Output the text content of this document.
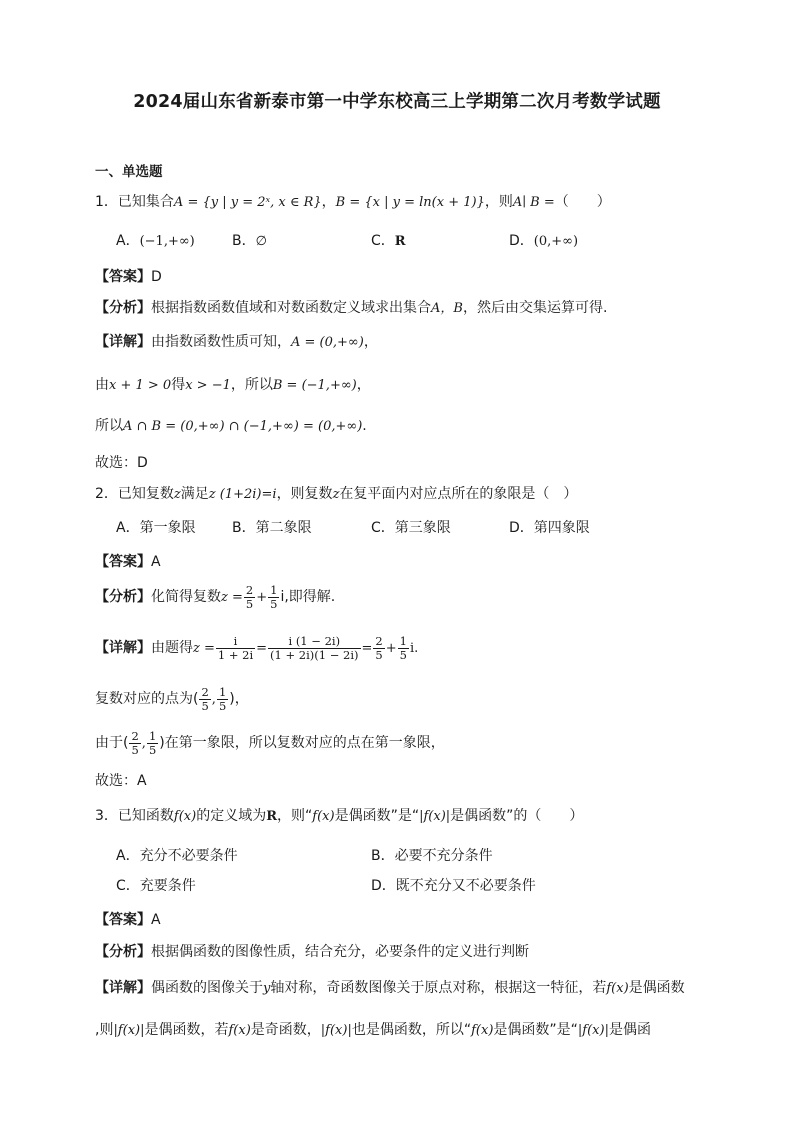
2024届山东省新泰市第一中学东校高三上学期第二次月考数学试题
一、单选题
1．已知集合A = {y | y = 2ˣ, x ∈ R}，B = {x | y = ln(x + 1)}，则A∣ B =（　　）
A．(−1,+∞)	B．∅	C．R	D．(0,+∞)
【答案】D
【分析】根据指数函数值域和对数函数定义域求出集合A，B，然后由交集运算可得.
【详解】由指数函数性质可知，A = (0,+∞)，
由x + 1 > 0得x > −1，所以B = (−1,+∞)，
所以A ∩ B = (0,+∞) ∩ (−1,+∞) = (0,+∞).
故选：D
2．已知复数z满足z (1+2i)=i，则复数z在复平面内对应点所在的象限是（　）
A．第一象限	B．第二象限	C．第三象限	D．第四象限
【答案】A
【分析】化简得复数$z = \frac{2}{5} + \frac{1}{5} i$,即得解.
【详解】由题得$z = \frac{i}{1 + 2i} = \frac{i (1 - 2i)}{(1 + 2i)(1 - 2i)} = \frac{2}{5} + \frac{1}{5} i$.
复数对应的点为( $\frac{2}{5}$ , $\frac{1}{5}$ )，
由于( $\frac{2}{5}$ , $\frac{1}{5}$ )在第一象限，所以复数对应的点在第一象限，
故选：A
3．已知函数f(x)的定义域为R，则“f(x)是偶函数”是“|f(x)|是偶函数”的（　　）
A．充分不必要条件	B．必要不充分条件
C．充要条件	D．既不充分又不必要条件
【答案】A
【分析】根据偶函数的图像性质，结合充分，必要条件的定义进行判断
【详解】偶函数的图像关于y轴对称，奇函数图像关于原点对称，根据这一特征，若f(x)是偶函数
,则|f(x)|是偶函数，若f(x)是奇函数，|f(x)|也是偶函数，所以“f(x)是偶函数”是“|f(x)|是偶函
